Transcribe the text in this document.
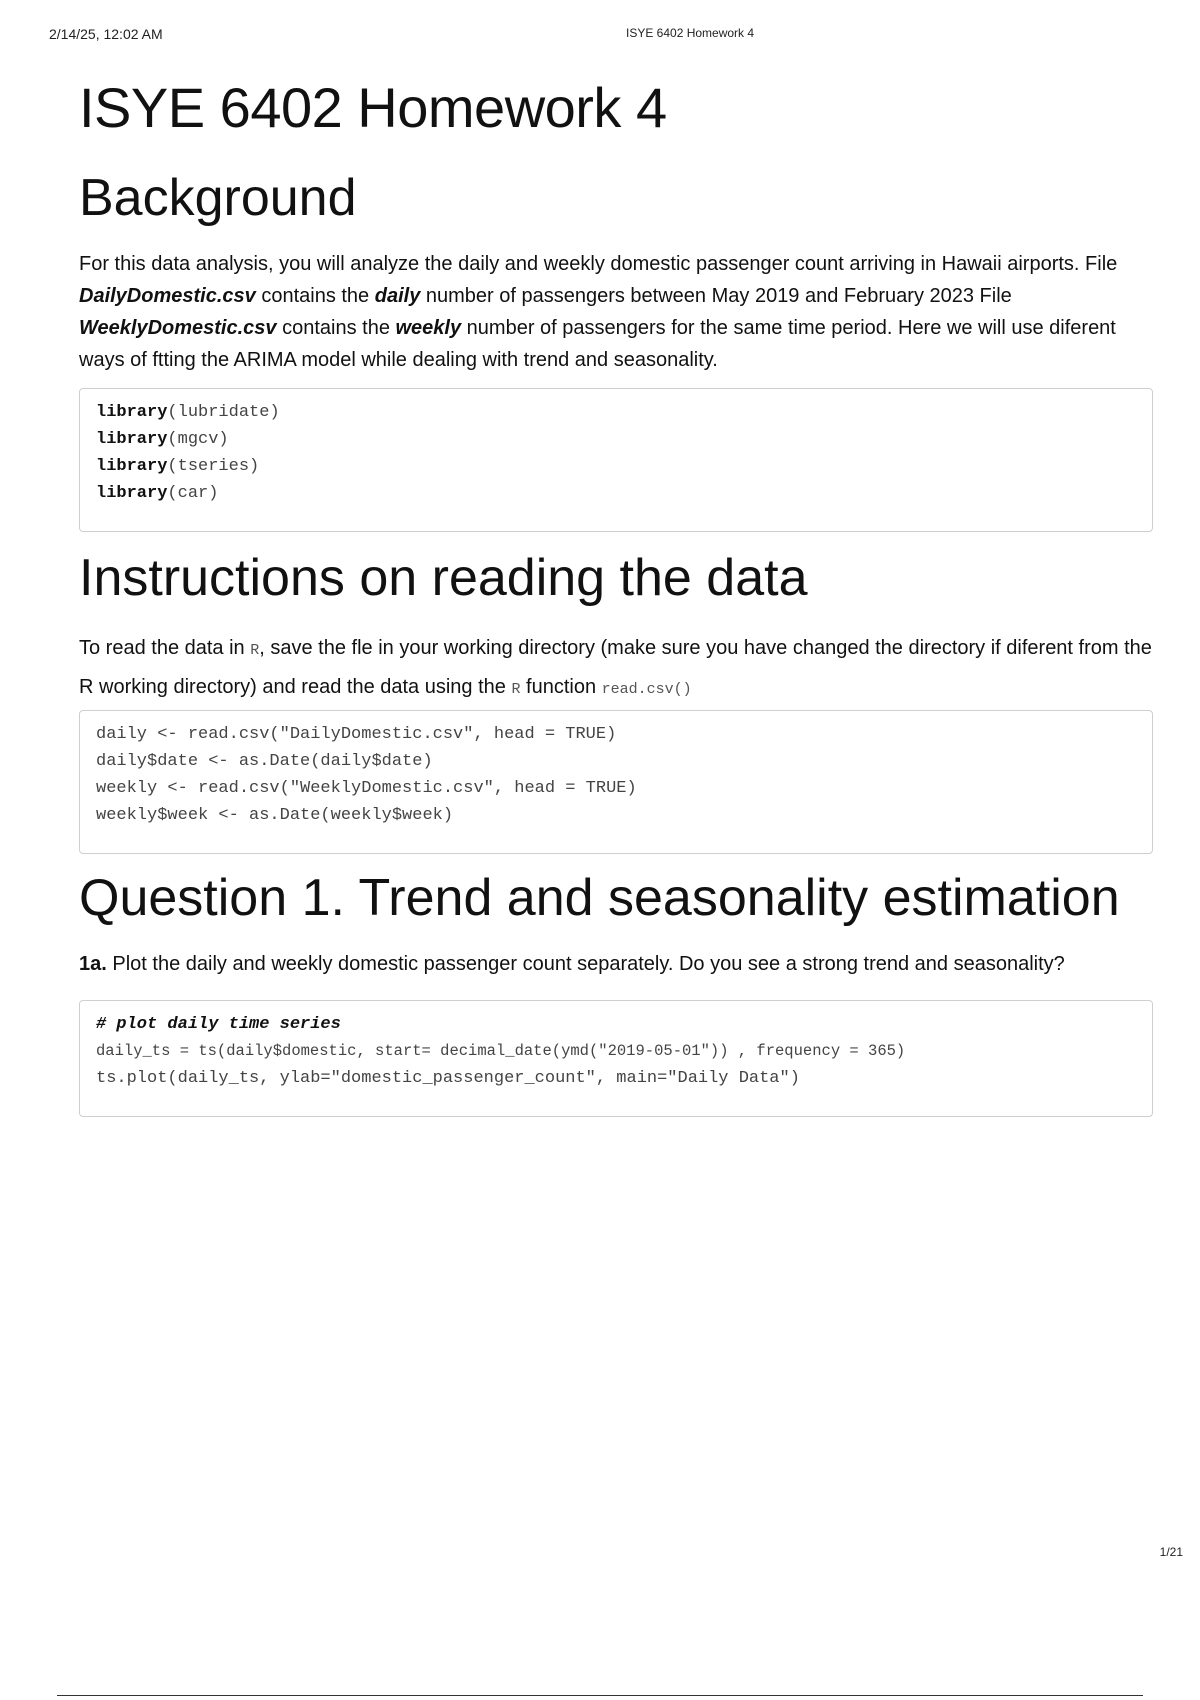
2/14/25, 12:02 AM	ISYE 6402 Homework 4
ISYE 6402 Homework 4
Background

For this data analysis, you will analyze the daily and weekly domestic passenger count arriving in Hawaii airports. File DailyDomestic.csv contains the daily number of passengers between May 2019 and February 2023 File WeeklyDomestic.csv contains the weekly number of passengers for the same time period. Here we will use diferent ways of ftting the ARIMA model while dealing with trend and seasonality.

library(lubridate)
library(mgcv)
library(tseries)
library(car)
Instructions on reading the data

To read the data in R, save the fle in your working directory (make sure you have changed the directory if diferent from the R working directory) and read the data using the R function read.csv()

daily <- read.csv("DailyDomestic.csv", head = TRUE)
daily$date <- as.Date(daily$date)
weekly <- read.csv("WeeklyDomestic.csv", head = TRUE)
weekly$week <- as.Date(weekly$week)
Question 1. Trend and seasonality estimation

1a. Plot the daily and weekly domestic passenger count separately. Do you see a strong trend and seasonality?

# plot daily time series
daily_ts = ts(daily$domestic, start= decimal_date(ymd("2019-05-01")) , frequency = 365)
ts.plot(daily_ts, ylab="domestic_passenger_count", main="Daily Data")
1/21
